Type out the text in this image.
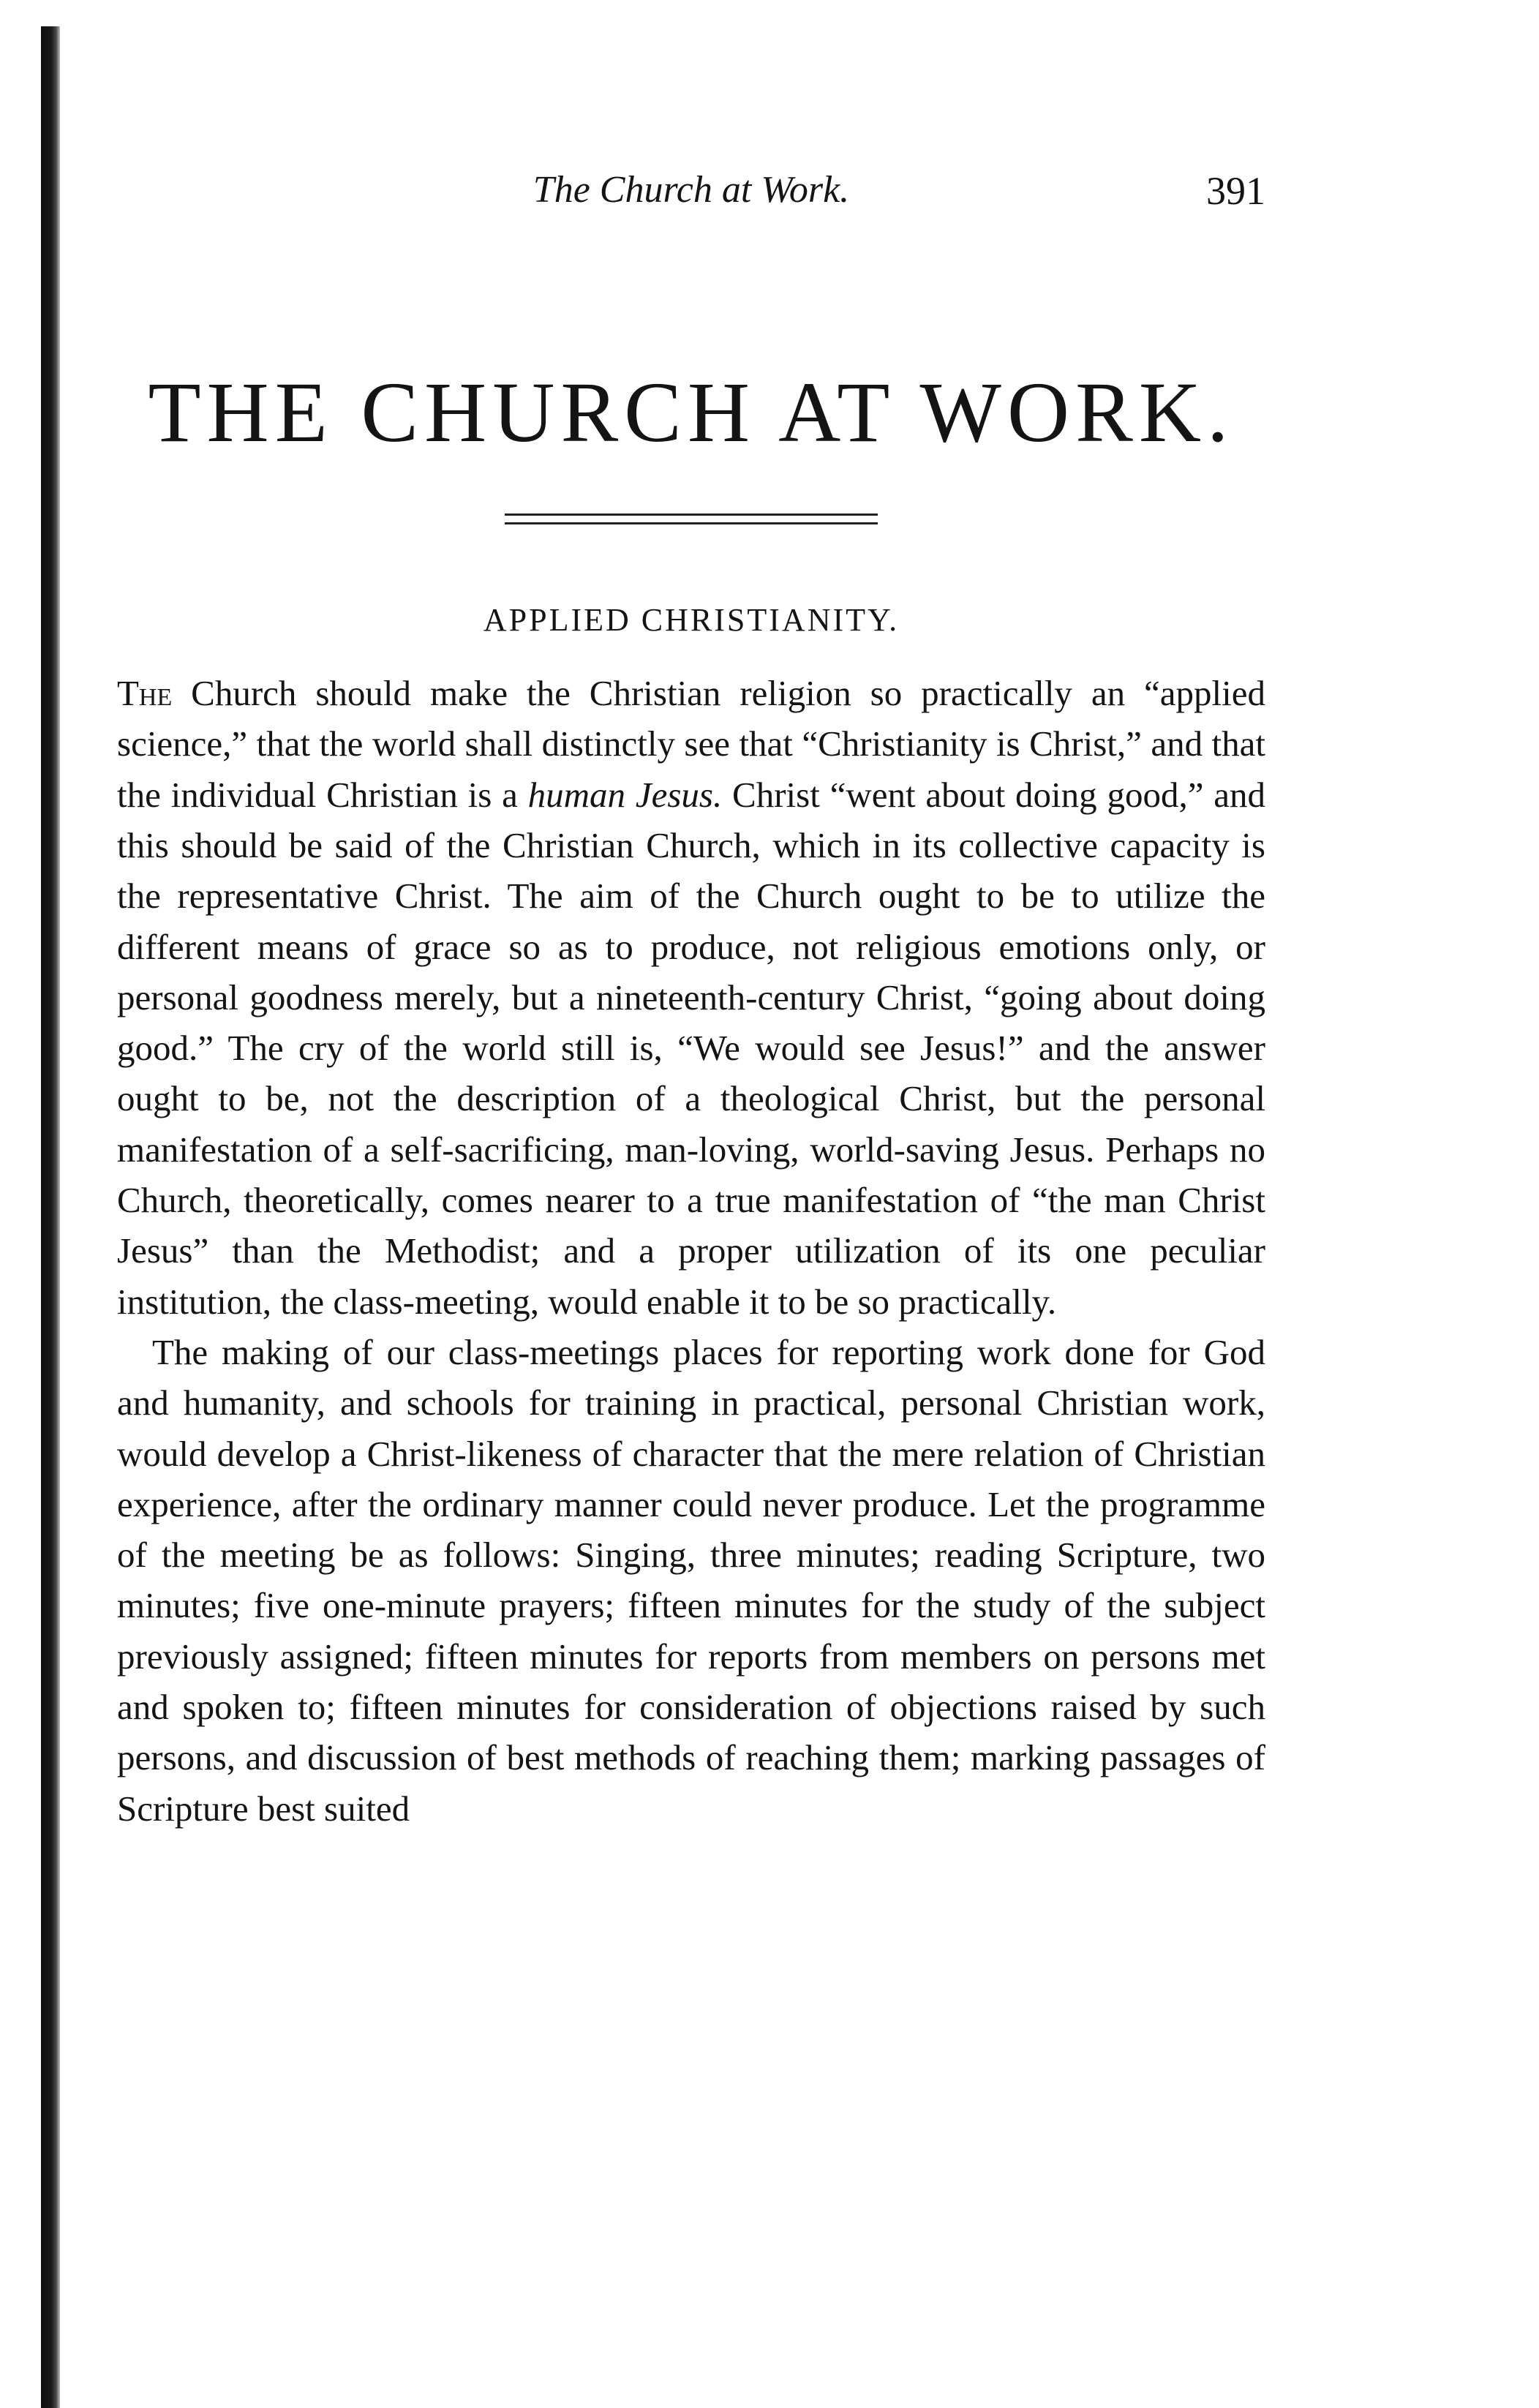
The Church at Work.	391
THE CHURCH AT WORK.
APPLIED CHRISTIANITY.

The Church should make the Christian religion so practically an “applied science,” that the world shall distinctly see that “Christianity is Christ,” and that the individual Christian is a human Jesus. Christ “went about doing good,” and this should be said of the Christian Church, which in its collective capacity is the representative Christ. The aim of the Church ought to be to utilize the different means of grace so as to produce, not religious emotions only, or personal goodness merely, but a nineteenth-century Christ, “going about doing good.” The cry of the world still is, “We would see Jesus!” and the answer ought to be, not the description of a theological Christ, but the personal manifestation of a self-sacrificing, man-loving, world-saving Jesus. Perhaps no Church, theoretically, comes nearer to a true manifestation of “the man Christ Jesus” than the Methodist; and a proper utilization of its one peculiar institution, the class-meeting, would enable it to be so practically.

The making of our class-meetings places for reporting work done for God and humanity, and schools for training in practical, personal Christian work, would develop a Christ-likeness of character that the mere relation of Christian experience, after the ordinary manner could never produce. Let the programme of the meeting be as follows: Singing, three minutes; reading Scripture, two minutes; five one-minute prayers; fifteen minutes for the study of the subject previously assigned; fifteen minutes for reports from members on persons met and spoken to; fifteen minutes for consideration of objections raised by such persons, and discussion of best methods of reaching them; marking passages of Scripture best suited
